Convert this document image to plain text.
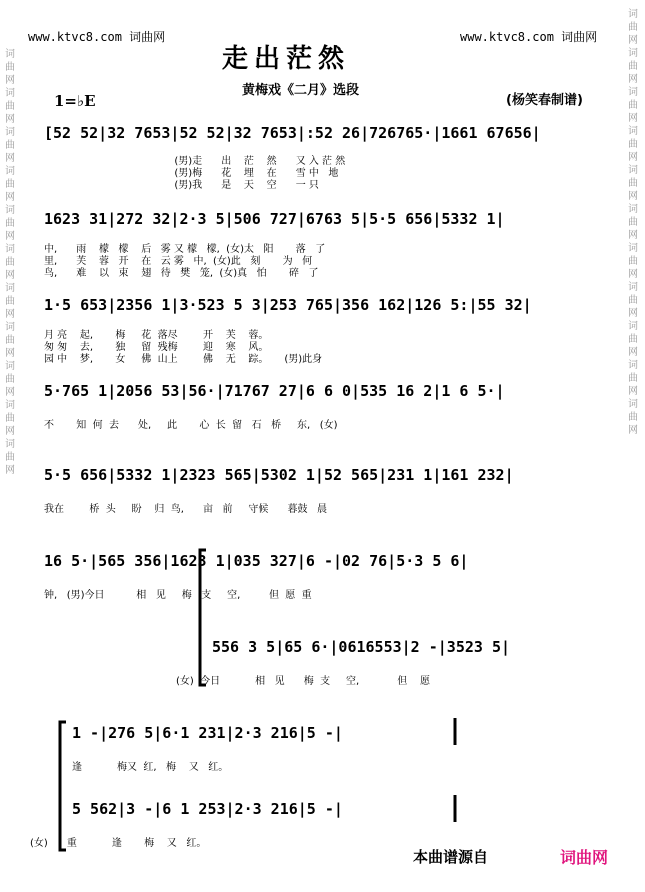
词曲网词曲网词曲网词曲网词曲网词曲网词曲网词曲网词曲网词曲网词曲网
词曲网词曲网词曲网词曲网词曲网词曲网词曲网词曲网词曲网词曲网词曲网
www.ktvc8.com 词曲网	www.ktvc8.com 词曲网
走出茫然
黄梅戏《二月》选段
1=♭E	(杨笑春制谱)
[52 52|32 7653|52 52|32 7653|:52 26|726765·|1661 67656|
(男)走      出    茫    然      又 入 茫 然
(男)梅      花    埋    在      雪 中   地
(男)我      是    天    空      一 只
1623 31|272 32|2·3 5|506 727|6763 5|5·5 656|5332 1|
中,      雨    檬   檬    后   雾 又 檬   檬,  (女)太   阳       落   了
里,      芙    蓉   开    在   云 雾   中,  (女)此   刻       为   何
鸟,      难    以   束    翅   待   樊   笼,  (女)真   怕       碎   了
1·5 653|2356 1|3·523 5 3|253 765|356 162|126 5:|55 32|
月 亮    起,       梅     花  落尽        开    芙    蓉。
匆 匆    去,       独     留  残梅        迎    寒    风。
园 中    梦,       女     佛  山上        佛    无    踪。     (男)此身
5·765 1|2056 53|56·|71767 27|6 6 0|535 16 2|1 6 5·|
不       知  何  去      处,     此       心  长  留   石   桥     东,   (女)
5·5 656|5332 1|2323 565|5302 1|52 565|231 1|161 232|
我在        桥  头     盼    归  鸟,      亩   前     守候      暮鼓   晨
16 5·|565 356|1623 1|035 327|6 -|02 76|5·3 5 6|
钟,   (男)今日          相   见     梅   支     空,         但  愿  重
556 3 5|65 6·|0616553|2 -|3523 5|
(女)  今日           相   见      梅  支     空,            但    愿
1 -|276 5|6·1 231|2·3 216|5 -|
逢           梅又  红,   梅    又   红。
5 562|3 -|6 1 253|2·3 216|5 -|
(女)      重           逢       梅    又   红。
本曲谱源自	词曲网
